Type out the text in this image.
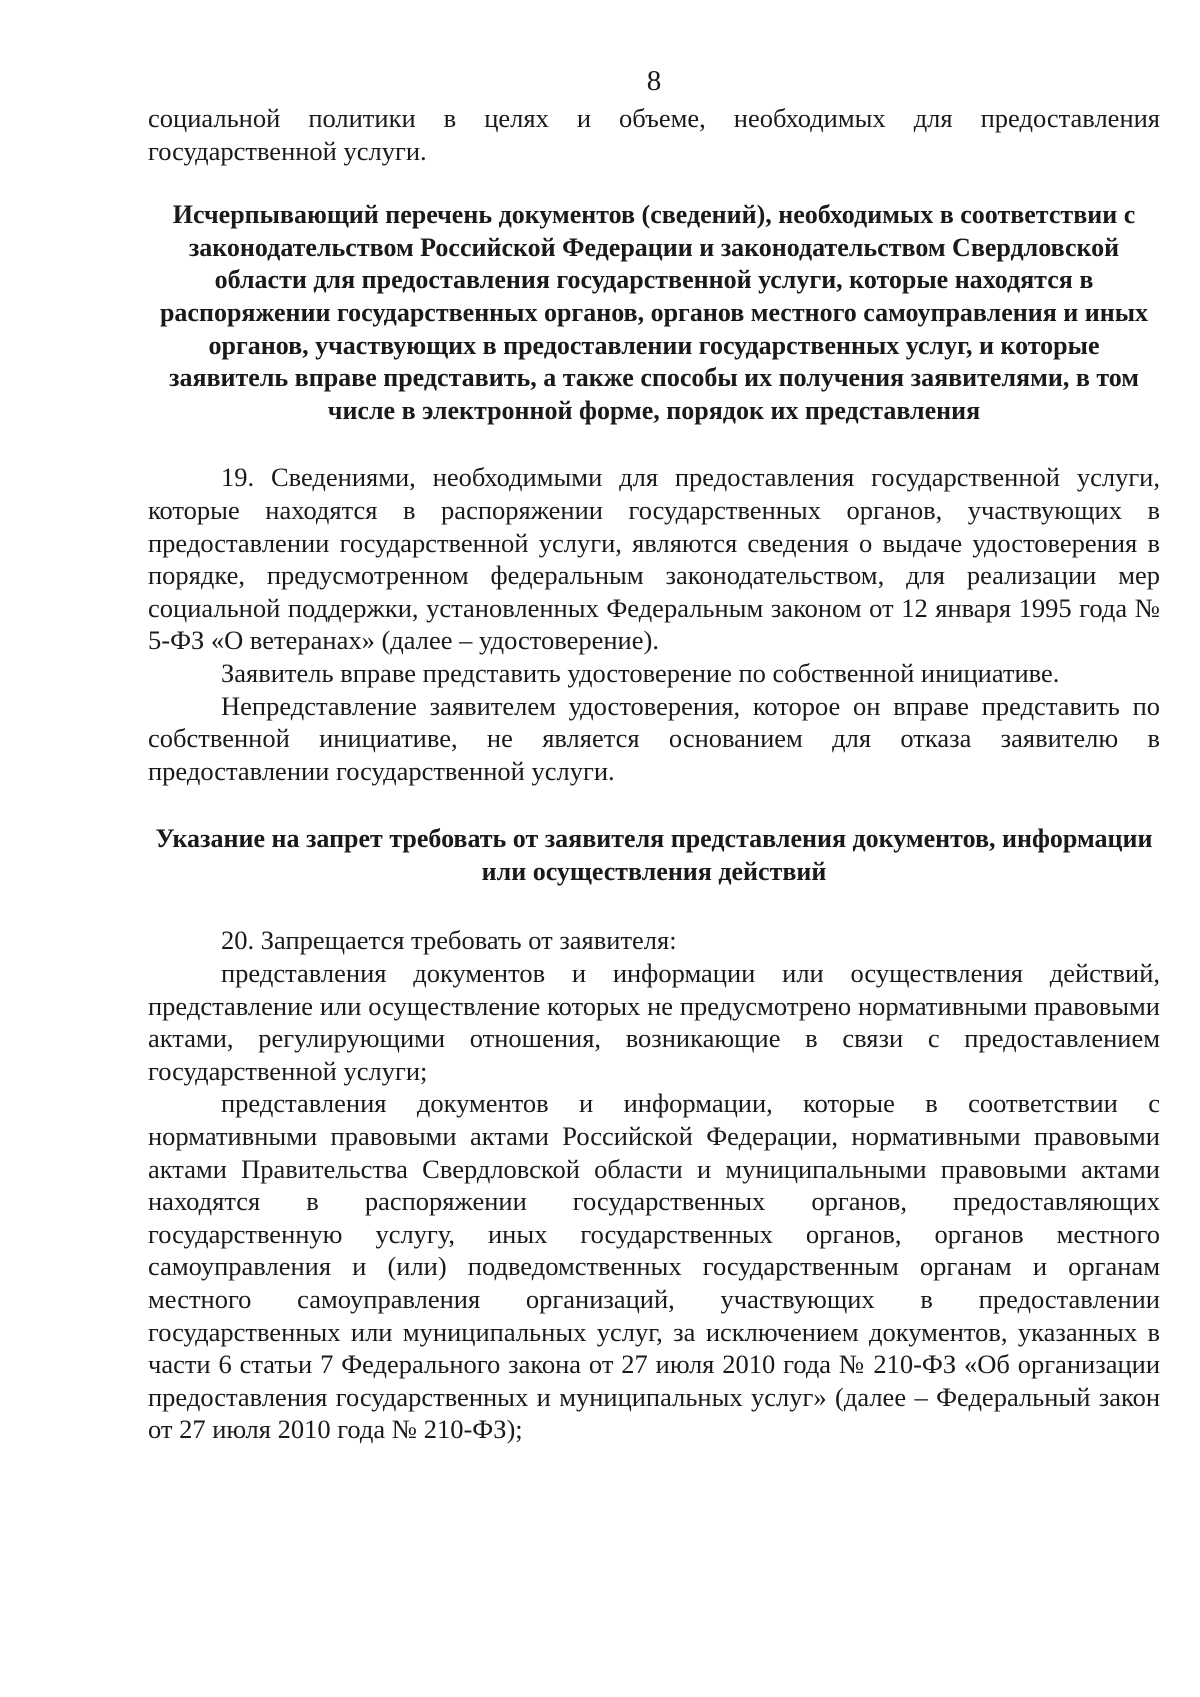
8

социальной политики в целях и объеме, необходимых для предоставления государственной услуги.

Исчерпывающий перечень документов (сведений), необходимых в соответствии с законодательством Российской Федерации и законодательством Свердловской области для предоставления государственной услуги, которые находятся в распоряжении государственных органов, органов местного самоуправления и иных органов, участвующих в предоставлении государственных услуг, и которые заявитель вправе представить, а также способы их получения заявителями, в том числе в электронной форме, порядок их представления

19. Сведениями, необходимыми для предоставления государственной услуги, которые находятся в распоряжении государственных органов, участвующих в предоставлении государственной услуги, являются сведения о выдаче удостоверения в порядке, предусмотренном федеральным законодательством, для реализации мер социальной поддержки, установленных Федеральным законом от 12 января 1995 года № 5-ФЗ «О ветеранах» (далее – удостоверение).

Заявитель вправе представить удостоверение по собственной инициативе.

Непредставление заявителем удостоверения, которое он вправе представить по собственной инициативе, не является основанием для отказа заявителю в предоставлении государственной услуги.

Указание на запрет требовать от заявителя представления документов, информации или осуществления действий

20. Запрещается требовать от заявителя:

представления документов и информации или осуществления действий, представление или осуществление которых не предусмотрено нормативными правовыми актами, регулирующими отношения, возникающие в связи с предоставлением государственной услуги;

представления документов и информации, которые в соответствии с нормативными правовыми актами Российской Федерации, нормативными правовыми актами Правительства Свердловской области и муниципальными правовыми актами находятся в распоряжении государственных органов, предоставляющих государственную услугу, иных государственных органов, органов местного самоуправления и (или) подведомственных государственным органам и органам местного самоуправления организаций, участвующих в предоставлении государственных или муниципальных услуг, за исключением документов, указанных в части 6 статьи 7 Федерального закона от 27 июля 2010 года № 210-ФЗ «Об организации предоставления государственных и муниципальных услуг» (далее – Федеральный закон от 27 июля 2010 года № 210-ФЗ);
